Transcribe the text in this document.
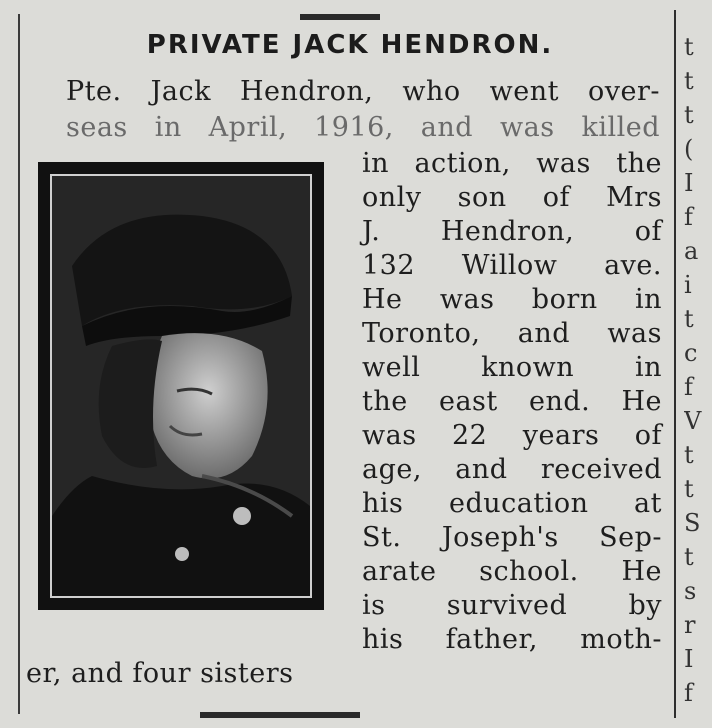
PRIVATE JACK HENDRON.
Pte. Jack Hendron, who went over-
seas in April, 1916, and was killed
in action, was the
only son of Mrs
J. Hendron, of
132 Willow ave.
He was born in
Toronto, and was
well known in
the east end. He
was 22 years of
age, and received
his education at
St. Joseph's Sep-
arate school. He
is survived by
his father, moth-
er, and four sisters
t
t
t
(
I
f
a
i
t
c
f
V
t
t
S
t
s
r
I
f
